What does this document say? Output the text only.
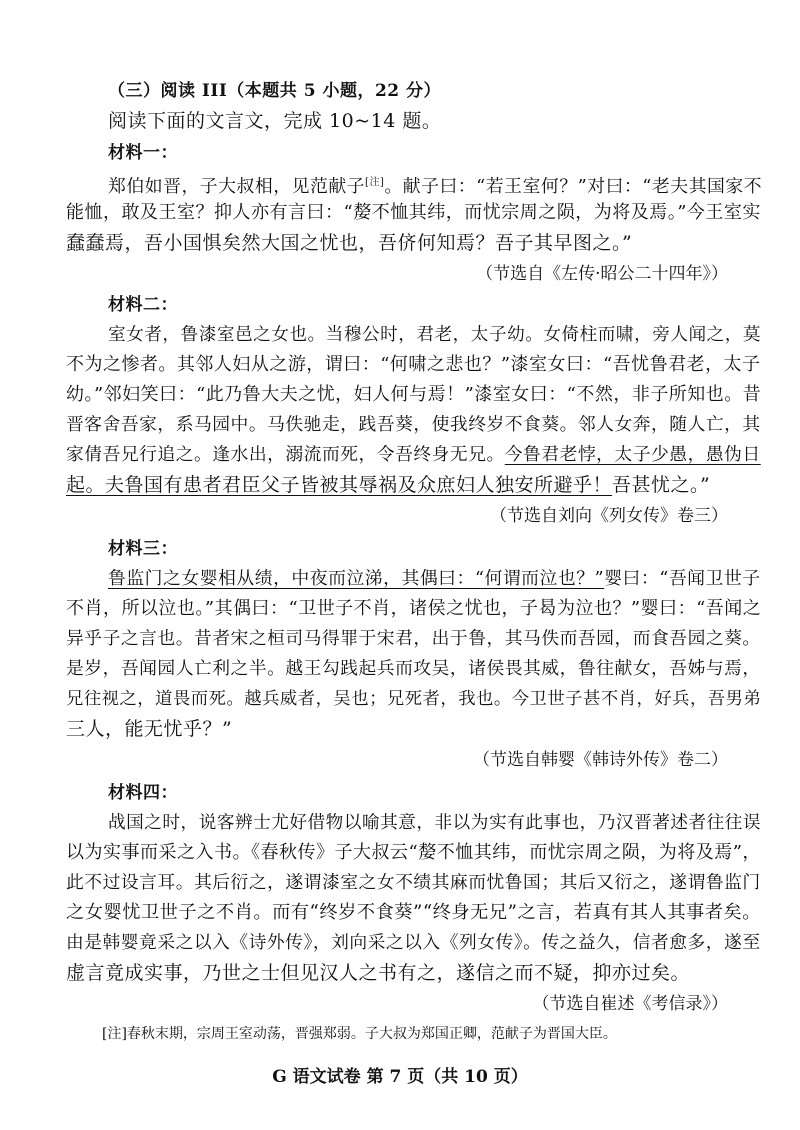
（三）阅读 III（本题共 5 小题，22 分）
阅读下面的文言文，完成 10~14 题。
材料一：
郑伯如晋，子大叔相，见范献子[注]。献子曰：“若王室何？”对曰：“老夫其国家不
能恤，敢及王室？抑人亦有言曰：“嫠不恤其纬，而忧宗周之陨，为将及焉。”今王室实
蠢蠢焉，吾小国惧矣然大国之忧也，吾侪何知焉？吾子其早图之。”
（节选自《左传·昭公二十四年》）
材料二：
室女者，鲁漆室邑之女也。当穆公时，君老，太子幼。女倚柱而啸，旁人闻之，莫
不为之惨者。其邻人妇从之游，谓曰：“何啸之悲也？”漆室女曰：“吾忧鲁君老，太子
幼。”邻妇笑曰：“此乃鲁大夫之忧，妇人何与焉！”漆室女曰：“不然，非子所知也。昔
晋客舍吾家，系马园中。马佚驰走，践吾葵，使我终岁不食葵。邻人女奔，随人亡，其
家倩吾兄行追之。逢水出，溺流而死，令吾终身无兄。今鲁君老悖，太子少愚，愚伪日
起。夫鲁国有患者君臣父子皆被其辱祸及众庶妇人独安所避乎！吾甚忧之。”
（节选自刘向《列女传》卷三）
材料三：
鲁监门之女婴相从绩，中夜而泣涕，其偶曰：“何谓而泣也？”婴曰：“吾闻卫世子
不肖，所以泣也。”其偶曰：“卫世子不肖，诸侯之忧也，子曷为泣也？”婴曰：“吾闻之
异乎子之言也。昔者宋之桓司马得罪于宋君，出于鲁，其马佚而吾园，而食吾园之葵。
是岁，吾闻园人亡利之半。越王勾践起兵而攻吴，诸侯畏其威，鲁往献女，吾姊与焉，
兄往视之，道畏而死。越兵威者，吴也；兄死者，我也。今卫世子甚不肖，好兵，吾男弟
三人，能无忧乎？”
（节选自韩婴《韩诗外传》卷二）
材料四：
战国之时，说客辨士尤好借物以喻其意，非以为实有此事也，乃汉晋著述者往往误
以为实事而采之入书。《春秋传》子大叔云“嫠不恤其纬，而忧宗周之陨，为将及焉”，
此不过设言耳。其后衍之，遂谓漆室之女不绩其麻而忧鲁国；其后又衍之，遂谓鲁监门
之女婴忧卫世子之不肖。而有“终岁不食葵”“终身无兄”之言，若真有其人其事者矣。
由是韩婴竟采之以入《诗外传》，刘向采之以入《列女传》。传之益久，信者愈多，遂至
虚言竟成实事，乃世之士但见汉人之书有之，遂信之而不疑，抑亦过矣。
（节选自崔述《考信录》）
[注]春秋末期，宗周王室动荡，晋强郑弱。子大叔为郑国正卿，范献子为晋国大臣。
G 语文试卷 第 7 页（共 10 页）
